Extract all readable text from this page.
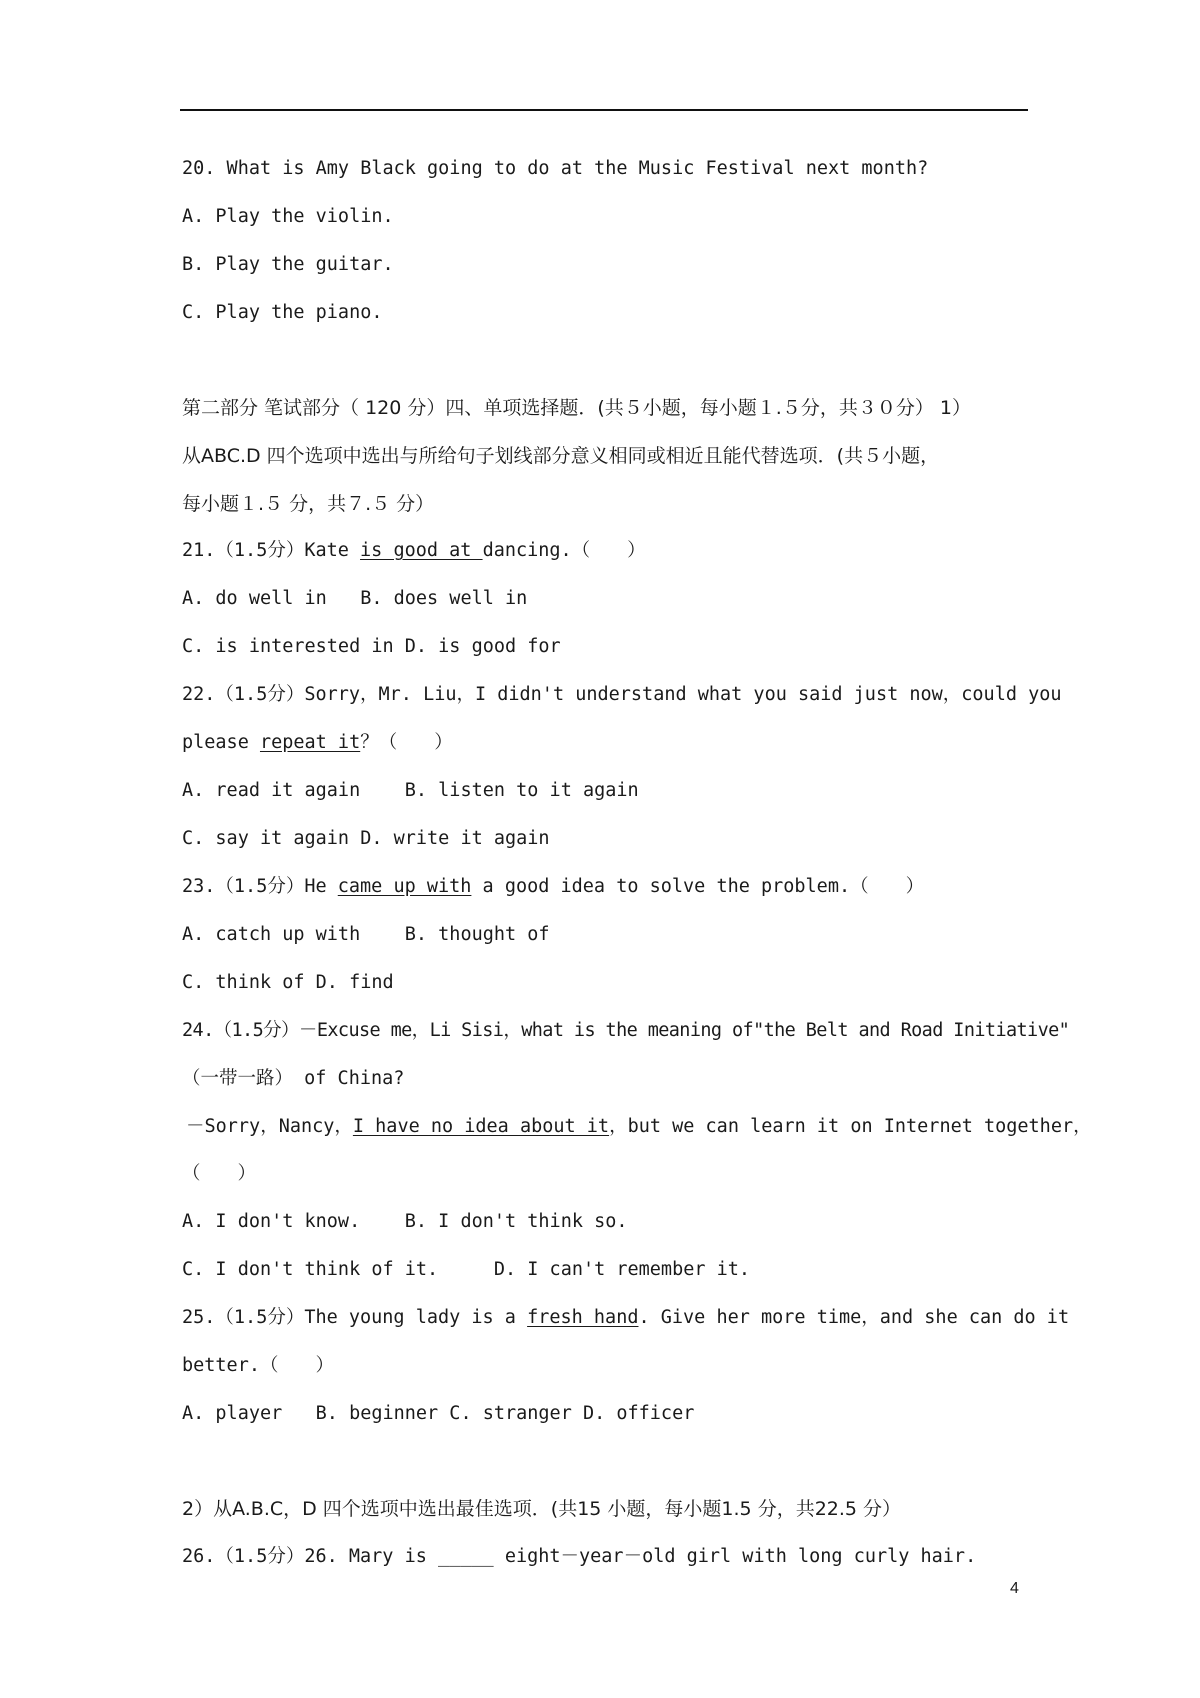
20. What is Amy Black going to do at the Music Festival next month?
A. Play the violin.
B. Play the guitar.
C. Play the piano.
第二部分 笔试部分（ 120 分）四、单项选择题．(共５小题，每小题１.５分，共３０分） 1）
从ABC.D 四个选项中选出与所给句子划线部分意义相同或相近且能代替选项．(共５小题，
每小题１.５ 分，共７.５ 分）
21.（1.5分）Kate is good at dancing.（　　）
A. do well in   B. does well in
C. is interested in D. is good for
22.（1.5分）Sorry，Mr. Liu，I didn't understand what you said just now，could you
please repeat it？（　　）
A. read it again    B. listen to it again
C. say it again D. write it again
23.（1.5分）He came up with a good idea to solve the problem.（　　）
A. catch up with    B. thought of
C. think of D. find
24.（1.5分）－Excuse me，Li Sisi，what is the meaning of"the Belt and Road Initiative"
（一带一路） of China?
－Sorry，Nancy，I have no idea about it，but we can learn it on Internet together，
（　　）
A. I don't know.    B. I don't think so.
C. I don't think of it.     D. I can't remember it.
25.（1.5分）The young lady is a fresh hand. Give her more time，and she can do it
better.（　　）
A. player   B. beginner C. stranger D. officer
2）从A.B.C，D 四个选项中选出最佳选项．(共15 小题，每小题1.5 分，共22.5 分）
26.（1.5分）26. Mary is _____ eight－year－old girl with long curly hair.
4
